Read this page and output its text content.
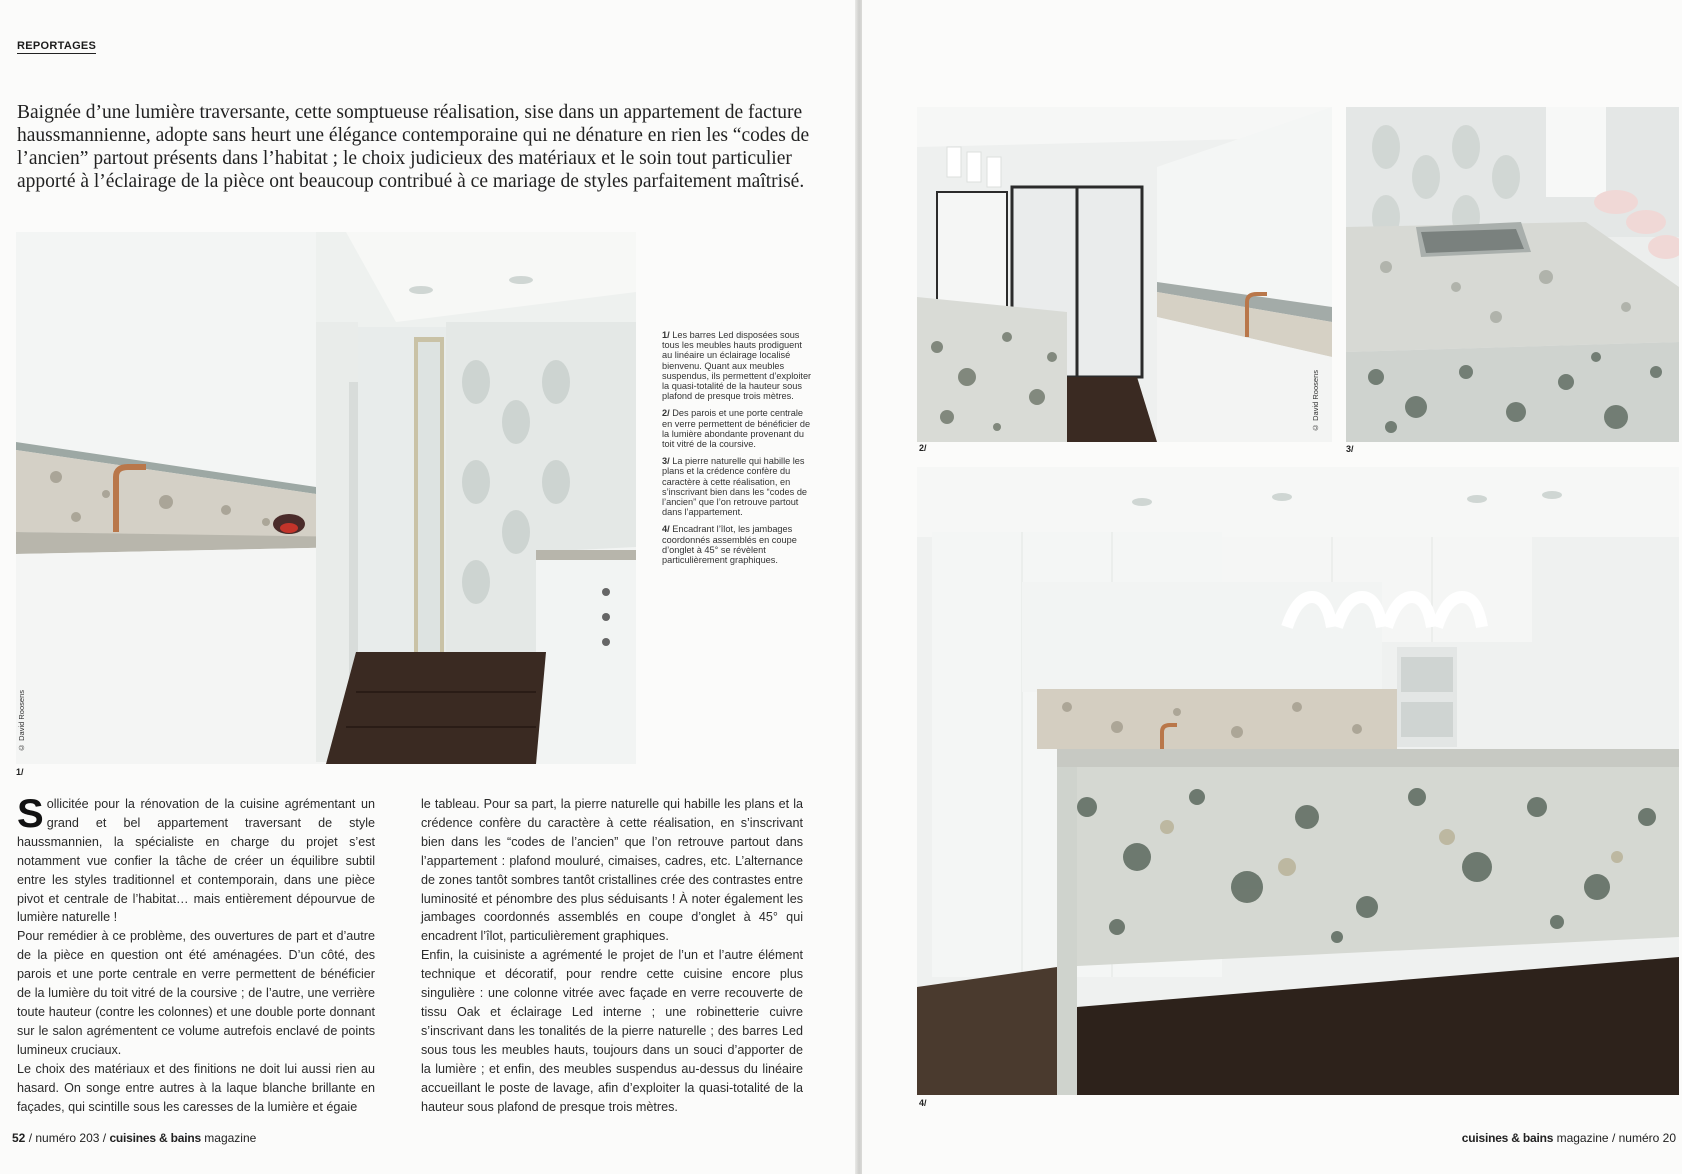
REPORTAGES
Baignée d’une lumière traversante, cette somptueuse réalisation, sise dans un appartement de facture haussmannienne, adopte sans heurt une élégance contemporaine qui ne dénature en rien les “codes de l’ancien” partout présents dans l’habitat ; le choix judicieux des matériaux et le soin tout particulier apporté à l’éclairage de la pièce ont beaucoup contribué à ce mariage de styles parfaitement maîtrisé.
1/
© David Roosens

1/ Les barres Led disposées sous tous les meubles hauts prodiguent au linéaire un éclairage localisé bienvenu. Quant aux meubles suspendus, ils permettent d’exploiter la quasi-totalité de la hauteur sous plafond de presque trois mètres.

2/ Des parois et une porte centrale en verre permettent de bénéficier de la lumière abondante provenant du toit vitré de la coursive.

3/ La pierre naturelle qui habille les plans et la crédence confère du caractère à cette réalisation, en s’inscrivant bien dans les “codes de l’ancien” que l’on retrouve partout dans l’appartement.

4/ Encadrant l’îlot, les jambages coordonnés assemblés en coupe d’onglet à 45° se révèlent particulièrement graphiques.

Sollicitée pour la rénovation de la cuisine agrémentant un grand et bel appartement traversant de style haussmannien, la spécialiste en charge du projet s’est notamment vue confier la tâche de créer un équilibre subtil entre les styles traditionnel et contemporain, dans une pièce pivot et centrale de l’habitat… mais entièrement dépourvue de lumière naturelle !

Pour remédier à ce problème, des ouvertures de part et d’autre de la pièce en question ont été aménagées. D’un côté, des parois et une porte centrale en verre permettent de bénéficier de la lumière du toit vitré de la coursive ; de l’autre, une verrière toute hauteur (contre les colonnes) et une double porte donnant sur le salon agrémentent ce volume autrefois enclavé de points lumineux cruciaux.

Le choix des matériaux et des finitions ne doit lui aussi rien au hasard. On songe entre autres à la laque blanche brillante en façades, qui scintille sous les caresses de la lumière et égaie

le tableau. Pour sa part, la pierre naturelle qui habille les plans et la crédence confère du caractère à cette réalisation, en s’inscrivant bien dans les “codes de l’ancien” que l’on retrouve partout dans l’appartement : plafond mouluré, cimaises, cadres, etc. L’alternance de zones tantôt sombres tantôt cristallines crée des contrastes entre luminosité et pénombre des plus séduisants ! À noter également les jambages coordonnés assemblés en coupe d’onglet à 45° qui encadrent l’îlot, particulièrement graphiques.

Enfin, la cuisiniste a agrémenté le projet de l’un et l’autre élément technique et décoratif, pour rendre cette cuisine encore plus singulière : une colonne vitrée avec façade en verre recouverte de tissu Oak et éclairage Led interne ; une robinetterie cuivre s’inscrivant dans les tonalités de la pierre naturelle ; des barres Led sous tous les meubles hauts, toujours dans un souci d’apporter de la lumière ; et enfin, des meubles suspendus au-dessus du linéaire accueillant le poste de lavage, afin d’exploiter la quasi-totalité de la hauteur sous plafond de presque trois mètres.

52 / numéro 203 / cuisines & bains magazine
2/	3/
© David Roosens
4/
cuisines & bains magazine / numéro 20
